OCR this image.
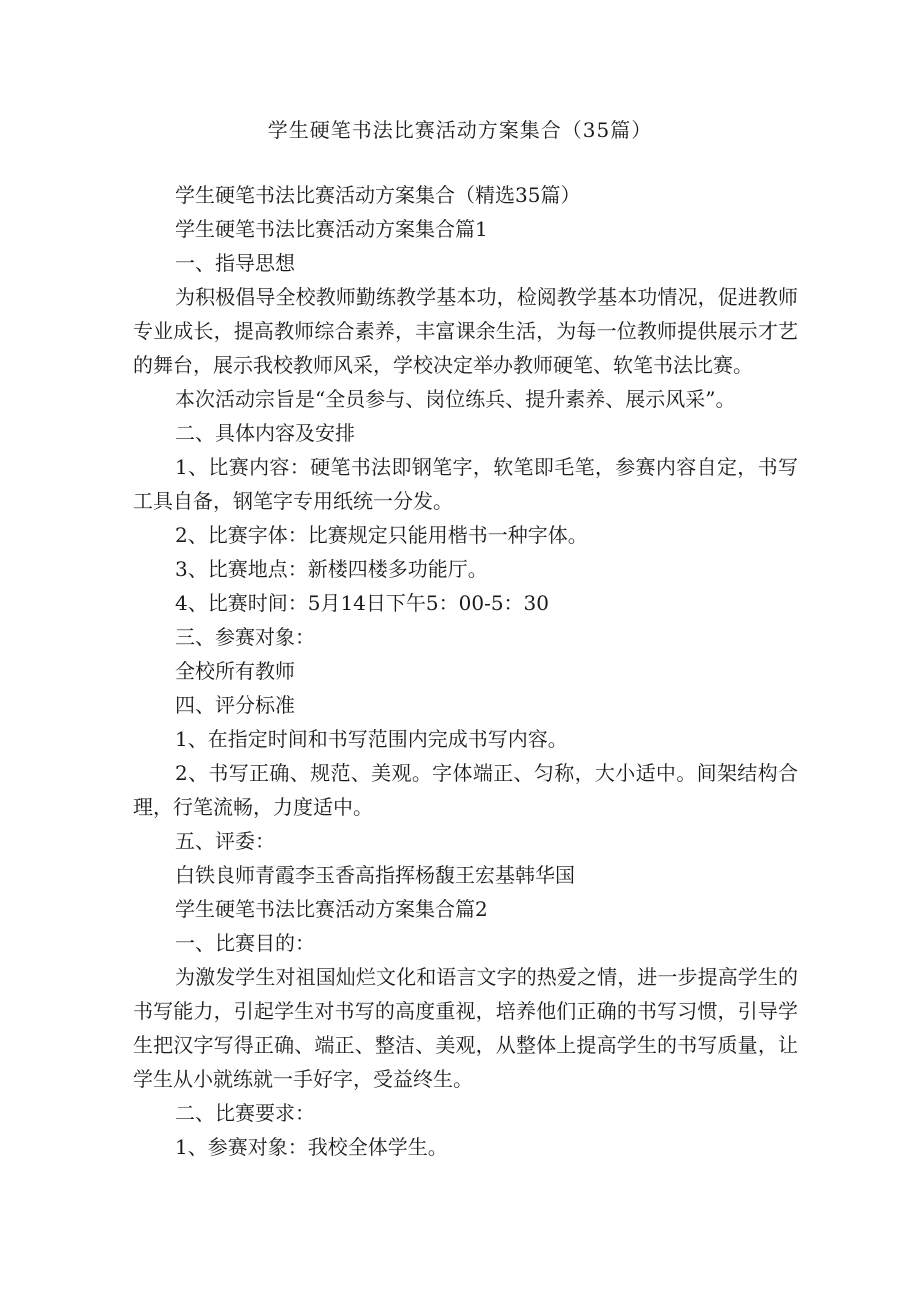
学生硬笔书法比赛活动方案集合（35篇）

学生硬笔书法比赛活动方案集合（精选35篇）

学生硬笔书法比赛活动方案集合篇1

一、指导思想

为积极倡导全校教师勤练教学基本功，检阅教学基本功情况，促进教师专业成长，提高教师综合素养，丰富课余生活，为每一位教师提供展示才艺的舞台，展示我校教师风采，学校决定举办教师硬笔、软笔书法比赛。

本次活动宗旨是“全员参与、岗位练兵、提升素养、展示风采”。

二、具体内容及安排

1、比赛内容：硬笔书法即钢笔字，软笔即毛笔，参赛内容自定，书写工具自备，钢笔字专用纸统一分发。

2、比赛字体：比赛规定只能用楷书一种字体。

3、比赛地点：新楼四楼多功能厅。

4、比赛时间：5月14日下午5：00-5：30

三、参赛对象：

全校所有教师

四、评分标准

1、在指定时间和书写范围内完成书写内容。

2、书写正确、规范、美观。字体端正、匀称，大小适中。间架结构合理，行笔流畅，力度适中。

五、评委：

白铁良师青霞李玉香高指挥杨馥王宏基韩华国

学生硬笔书法比赛活动方案集合篇2

一、比赛目的：

为激发学生对祖国灿烂文化和语言文字的热爱之情，进一步提高学生的书写能力，引起学生对书写的高度重视，培养他们正确的书写习惯，引导学生把汉字写得正确、端正、整洁、美观，从整体上提高学生的书写质量，让学生从小就练就一手好字，受益终生。

二、比赛要求：

1、参赛对象：我校全体学生。
